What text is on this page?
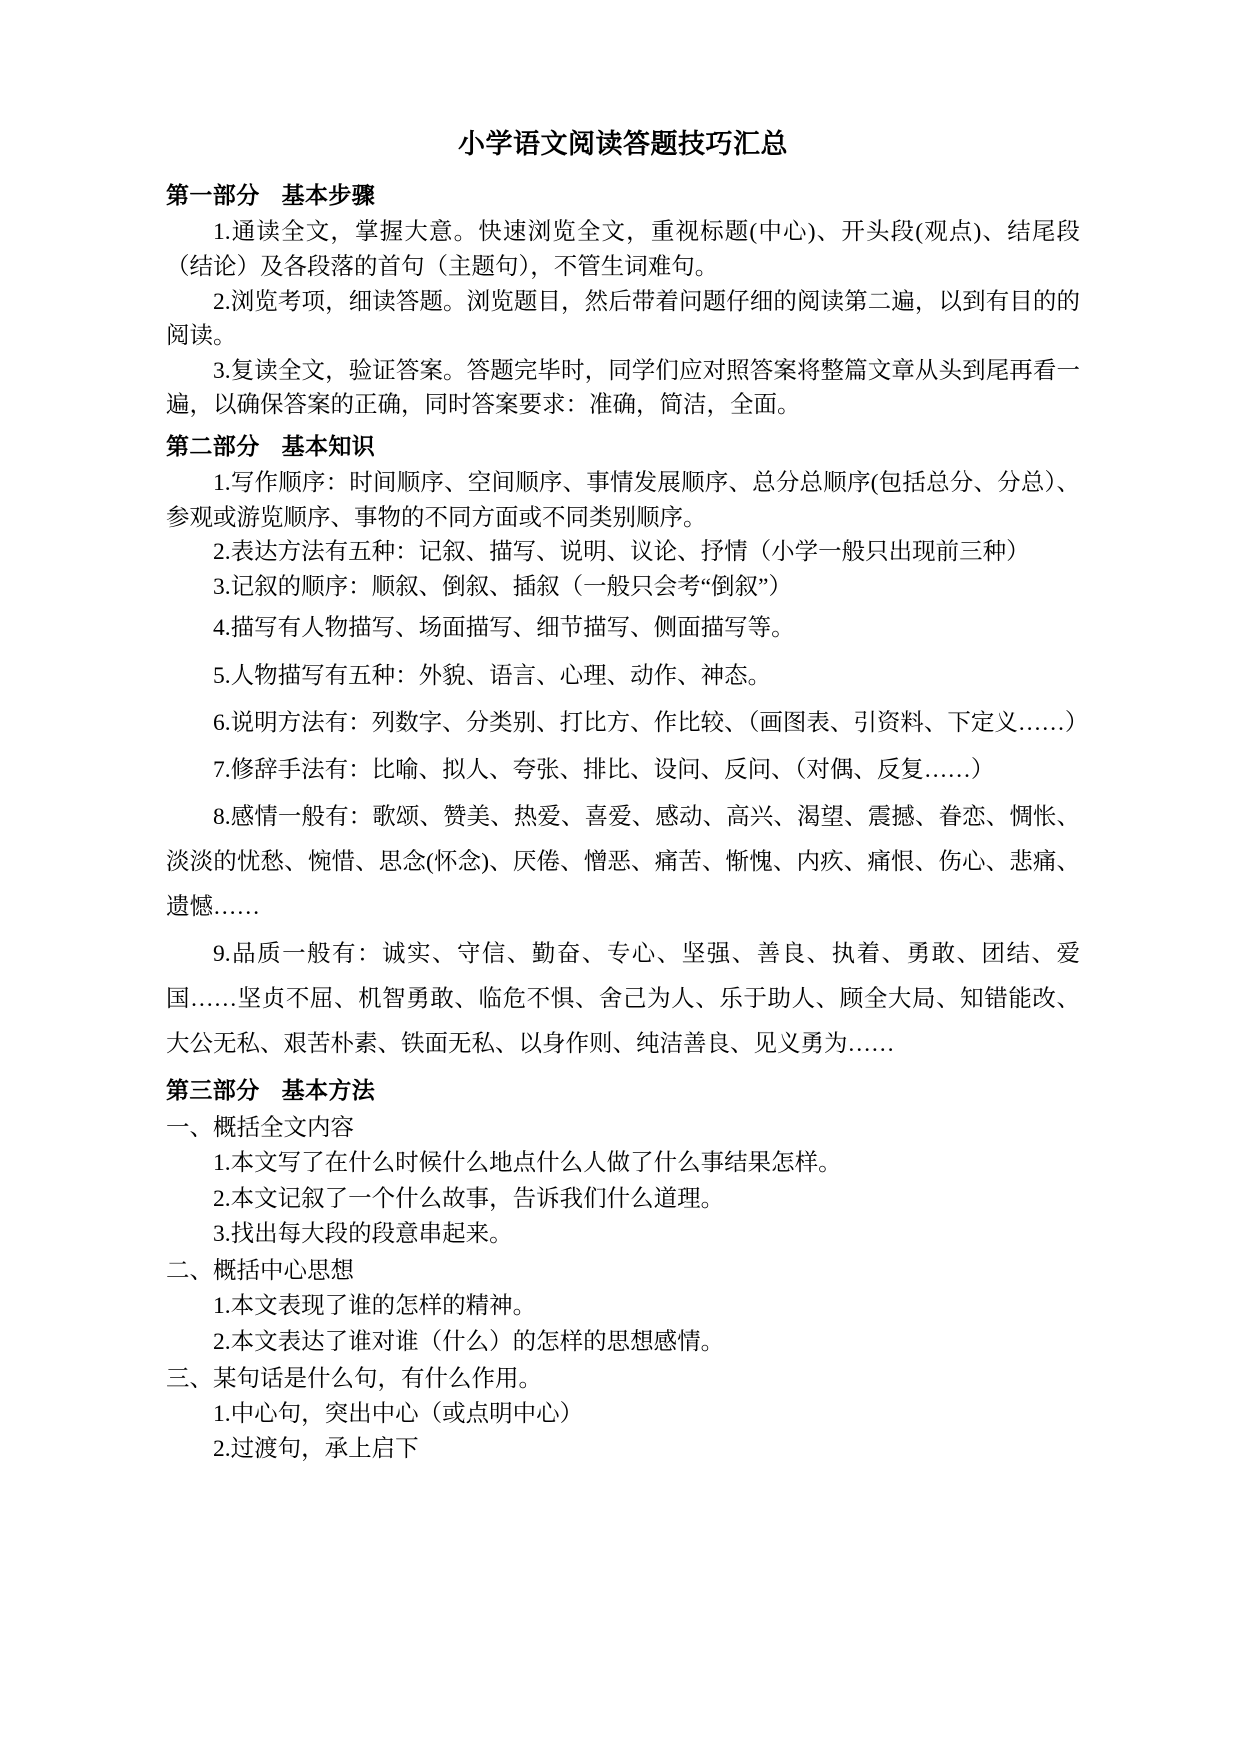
小学语文阅读答题技巧汇总
第一部分 基本步骤

1.通读全文，掌握大意。快速浏览全文，重视标题(中心)、开头段(观点)、结尾段（结论）及各段落的首句（主题句），不管生词难句。

2.浏览考项，细读答题。浏览题目，然后带着问题仔细的阅读第二遍，以到有目的的阅读。

3.复读全文，验证答案。答题完毕时，同学们应对照答案将整篇文章从头到尾再看一遍，以确保答案的正确，同时答案要求：准确，简洁，全面。

第二部分 基本知识

1.写作顺序：时间顺序、空间顺序、事情发展顺序、总分总顺序(包括总分、分总）、参观或游览顺序、事物的不同方面或不同类别顺序。

2.表达方法有五种：记叙、描写、说明、议论、抒情（小学一般只出现前三种）

3.记叙的顺序：顺叙、倒叙、插叙（一般只会考“倒叙”）

4.描写有人物描写、场面描写、细节描写、侧面描写等。

5.人物描写有五种：外貌、语言、心理、动作、神态。

6.说明方法有：列数字、分类别、打比方、作比较、（画图表、引资料、下定义……）

7.修辞手法有：比喻、拟人、夸张、排比、设问、反问、（对偶、反复……）

8.感情一般有：歌颂、赞美、热爱、喜爱、感动、高兴、渴望、震撼、眷恋、惆怅、淡淡的忧愁、惋惜、思念(怀念)、厌倦、憎恶、痛苦、惭愧、内疚、痛恨、伤心、悲痛、遗憾……

9.品质一般有：诚实、守信、勤奋、专心、坚强、善良、执着、勇敢、团结、爱国……坚贞不屈、机智勇敢、临危不惧、舍己为人、乐于助人、顾全大局、知错能改、大公无私、艰苦朴素、铁面无私、以身作则、纯洁善良、见义勇为……

第三部分 基本方法

一、概括全文内容

1.本文写了在什么时候什么地点什么人做了什么事结果怎样。

2.本文记叙了一个什么故事，告诉我们什么道理。

3.找出每大段的段意串起来。

二、概括中心思想

1.本文表现了谁的怎样的精神。

2.本文表达了谁对谁（什么）的怎样的思想感情。

三、某句话是什么句，有什么作用。

1.中心句，突出中心（或点明中心）

2.过渡句，承上启下
